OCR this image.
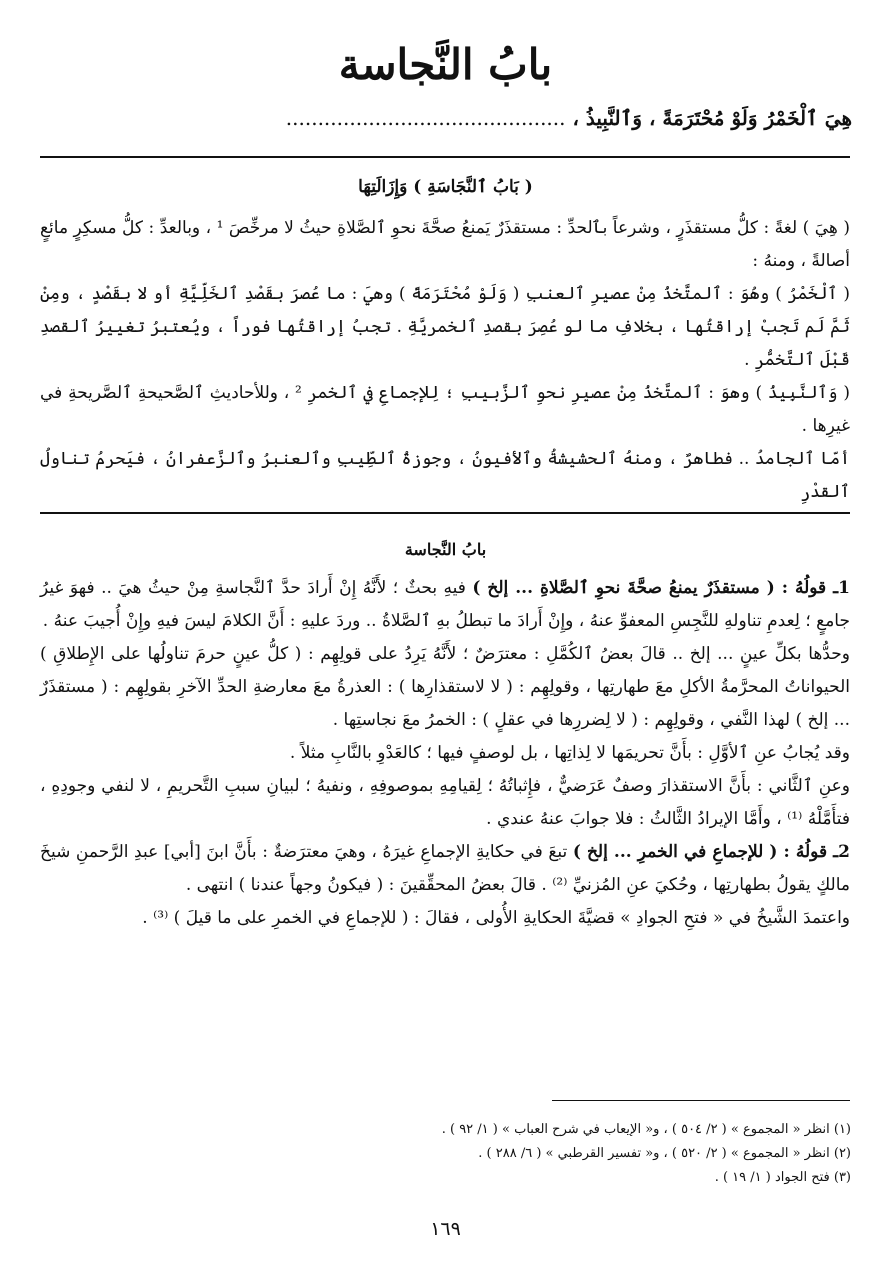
بابُ النَّجاسة
هِيَ ٱلْخَمْرُ وَلَوْ مُحْتَرَمَةً ، وَٱلنَّبِيذُ ، ............................................
( بَابُ ٱلنَّجَاسَةِ ) وَإِزَالَتِهَا

( هِيَ ) لغةً : كلُّ مستقذَرٍ ، وشرعاً بٱلحدِّ : مستقذَرٌ يَمنعُ صحَّةَ نحوِ ٱلصَّلاةِ حيثُ لا مرخِّصَ ¹ ، وبالعدِّ : كلُّ مسكِرٍ مائعٍ أصالةً ، ومنهُ :

( ٱلْخَمْرُ ) وهُوَ : ٱلمتَّخذُ مِنْ عصيرِ ٱلعنبِ ( وَلَوْ مُحْتَرَمَةً ) وهيَ : ما عُصرَ بقَصْدِ ٱلخَلِّيَّةِ أو لا بقَصْدٍ ، ومِنْ ثَمَّ لَم تَجبْ إراقتُها ، بخلافِ ما لو عُصِرَ بقصدِ ٱلخمريَّةِ . تجبُ إراقتُها فوراً ، ويُعتبرُ تغييرُ ٱلقصدِ قَبْلَ ٱلتَّخمُّرِ .

( وَٱلنَّبِيذُ ) وهوَ : ٱلمتَّخذُ مِنْ عصيرِ نحوِ ٱلزَّبيبِ ؛ لِلإجماعِ في ٱلخمرِ ² ، وللأحاديثِ ٱلصَّحيحةِ ٱلصَّريحةِ في غيرِها .

أمّا ٱلجامدُ .. فطاهرٌ ، ومنهُ ٱلحشيشةُ وٱلأفيونُ ، وجوزةُ ٱلطِّيبِ وٱلعنبرُ وٱلزَّعفرانُ ، فيَحرمُ تناولُ ٱلقدْرِ

بابُ النَّجاسة

1ـ قولُهُ : ( مستقذَرٌ يمنعُ صحَّةَ نحوِ ٱلصَّلاةِ ... إلخ ) فيهِ بحثٌ ؛ لأَنَّهُ إِنْ أَرادَ حدَّ ٱلنَّجاسةِ مِنْ حيثُ هيَ .. فهوَ غيرُ جامعٍ ؛ لِعدمِ تناولهِ للنَّجِسِ المعفوِّ عنهُ ، وإِنْ أَرادَ ما تبطلُ بهِ ٱلصَّلاةُ .. وردَ عليهِ : أَنَّ الكلامَ ليسَ فيهِ وإِنْ أُجيبَ عنهُ .

وحدُّها بكلِّ عينٍ ... إلخ .. قالَ بعضُ ٱلكُمَّلِ : معترَضٌ ؛ لأَنَّهُ يَرِدُ على قولِهِم : ( كلُّ عينٍ حرمَ تناولُها على الإِطلاقِ ) الحيواناتُ المحرَّمةُ الأكلِ معَ طهارتِها ، وقولِهِم : ( لا لاستقذارِها ) : العذرةُ معَ معارضةِ الحدِّ الآخرِ بقولِهِم : ( مستقذَرٌ ... إلخ ) لهذا النَّفي ، وقولِهِم : ( لا لِضررِها في عقلٍ ) : الخمرُ معَ نجاستِها .

وقد يُجابُ عنِ ٱلأوَّلِ : بأَنَّ تحريمَها لا لِذاتِها ، بل لوصفٍ فيها ؛ كالعَدْوِ بالنَّابِ مثلاً .

وعنِ ٱلثَّاني : بأَنَّ الاستقذارَ وصفٌ عَرَضيٌّ ، فإِثباتُهُ ؛ لِقيامِهِ بموصوفِهِ ، ونفيهُ ؛ لبيانِ سببِ التَّحريمِ ، لا لنفي وجودِهِ ، فتأَمَّلْهُ ⁽¹⁾ ، وأَمَّا الإيرادُ الثَّالثُ : فلا جوابَ عنهُ عندي .

2ـ قولُهُ : ( للإجماعِ في الخمرِ ... إلخ ) تبعَ في حكايةِ الإجماعِ غيرَهُ ، وهيَ معترَضةٌ : بأَنَّ ابنَ [أبي] عبدِ الرَّحمنِ شيخَ مالكٍ يقولُ بطهارتِها ، وحُكيَ عنِ المُزنيِّ ⁽²⁾ . قالَ بعضُ المحقِّقينَ : ( فيكونُ وجهاً عندنا ) انتهى .

واعتمدَ الشَّيخُ في « فتحِ الجوادِ » قضيَّةَ الحكايةِ الأُولى ، فقالَ : ( للإجماعِ في الخمرِ على ما قيلَ ) ⁽³⁾ .

(١) انظر « المجموع » ( ٢/ ٥٠٤ ) ، و« الإيعاب في شرح العباب » ( ١/ ٩٢ ) .

(٢) انظر « المجموع » ( ٢/ ٥٢٠ ) ، و« تفسير القرطبي » ( ٦/ ٢٨٨ ) .

(٣) فتح الجواد ( ١/ ١٩ ) .

١٦٩
